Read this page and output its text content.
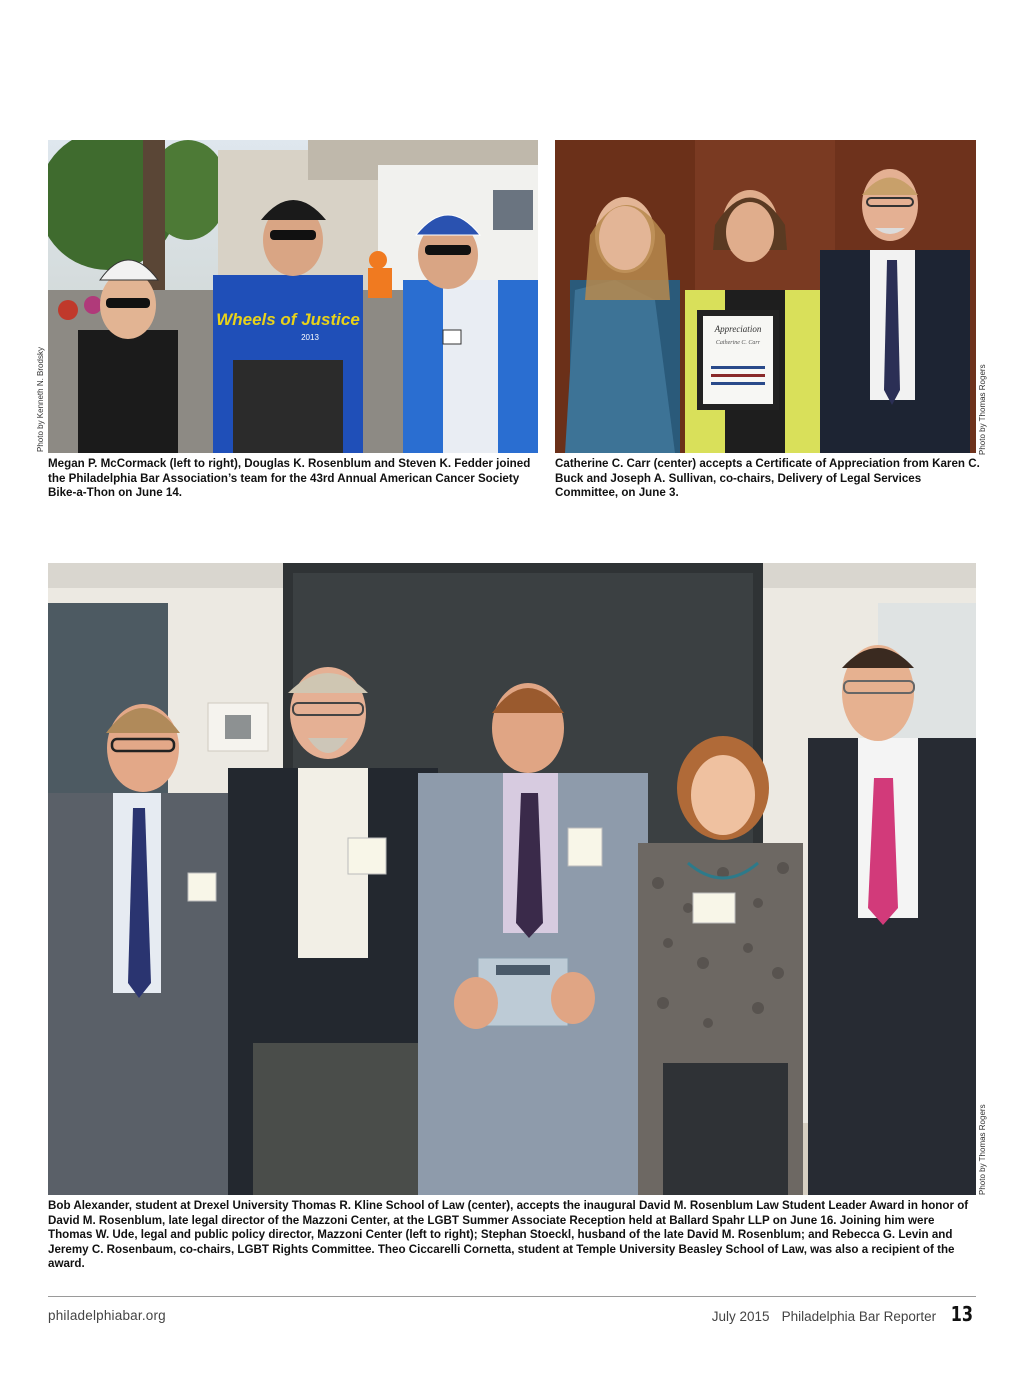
Wheels of Justice
2013
Photo by Kenneth N. Brodsky

Megan P. McCormack (left to right), Douglas K. Rosenblum and Steven K. Fedder joined the Philadelphia Bar Association’s team for the 43rd Annual American Cancer Society Bike-a-Thon on June 14.

Appreciation
Catherine C. Carr
Photo by Thomas Rogers

Catherine C. Carr (center) accepts a Certificate of Appreciation from Karen C. Buck and Joseph A. Sullivan, co-chairs, Delivery of Legal Services Committee, on June 3.

Photo by Thomas Rogers

Bob Alexander, student at Drexel University Thomas R. Kline School of Law (center), accepts the inaugural David M. Rosenblum Law Student Leader Award in honor of David M. Rosenblum, late legal director of the Mazzoni Center, at the LGBT Summer Associate Reception held at Ballard Spahr LLP on June 16. Joining him were Thomas W. Ude, legal and public policy director, Mazzoni Center (left to right); Stephan Stoeckl, husband of the late David M. Rosenblum; and Rebecca G. Levin and Jeremy C. Rosenbaum, co-chairs, LGBT Rights Committee. Theo Ciccarelli Cornetta, student at Temple University Beasley School of Law, was also a recipient of the award.

philadelphiabar.org	July 2015 Philadelphia Bar Reporter 13
